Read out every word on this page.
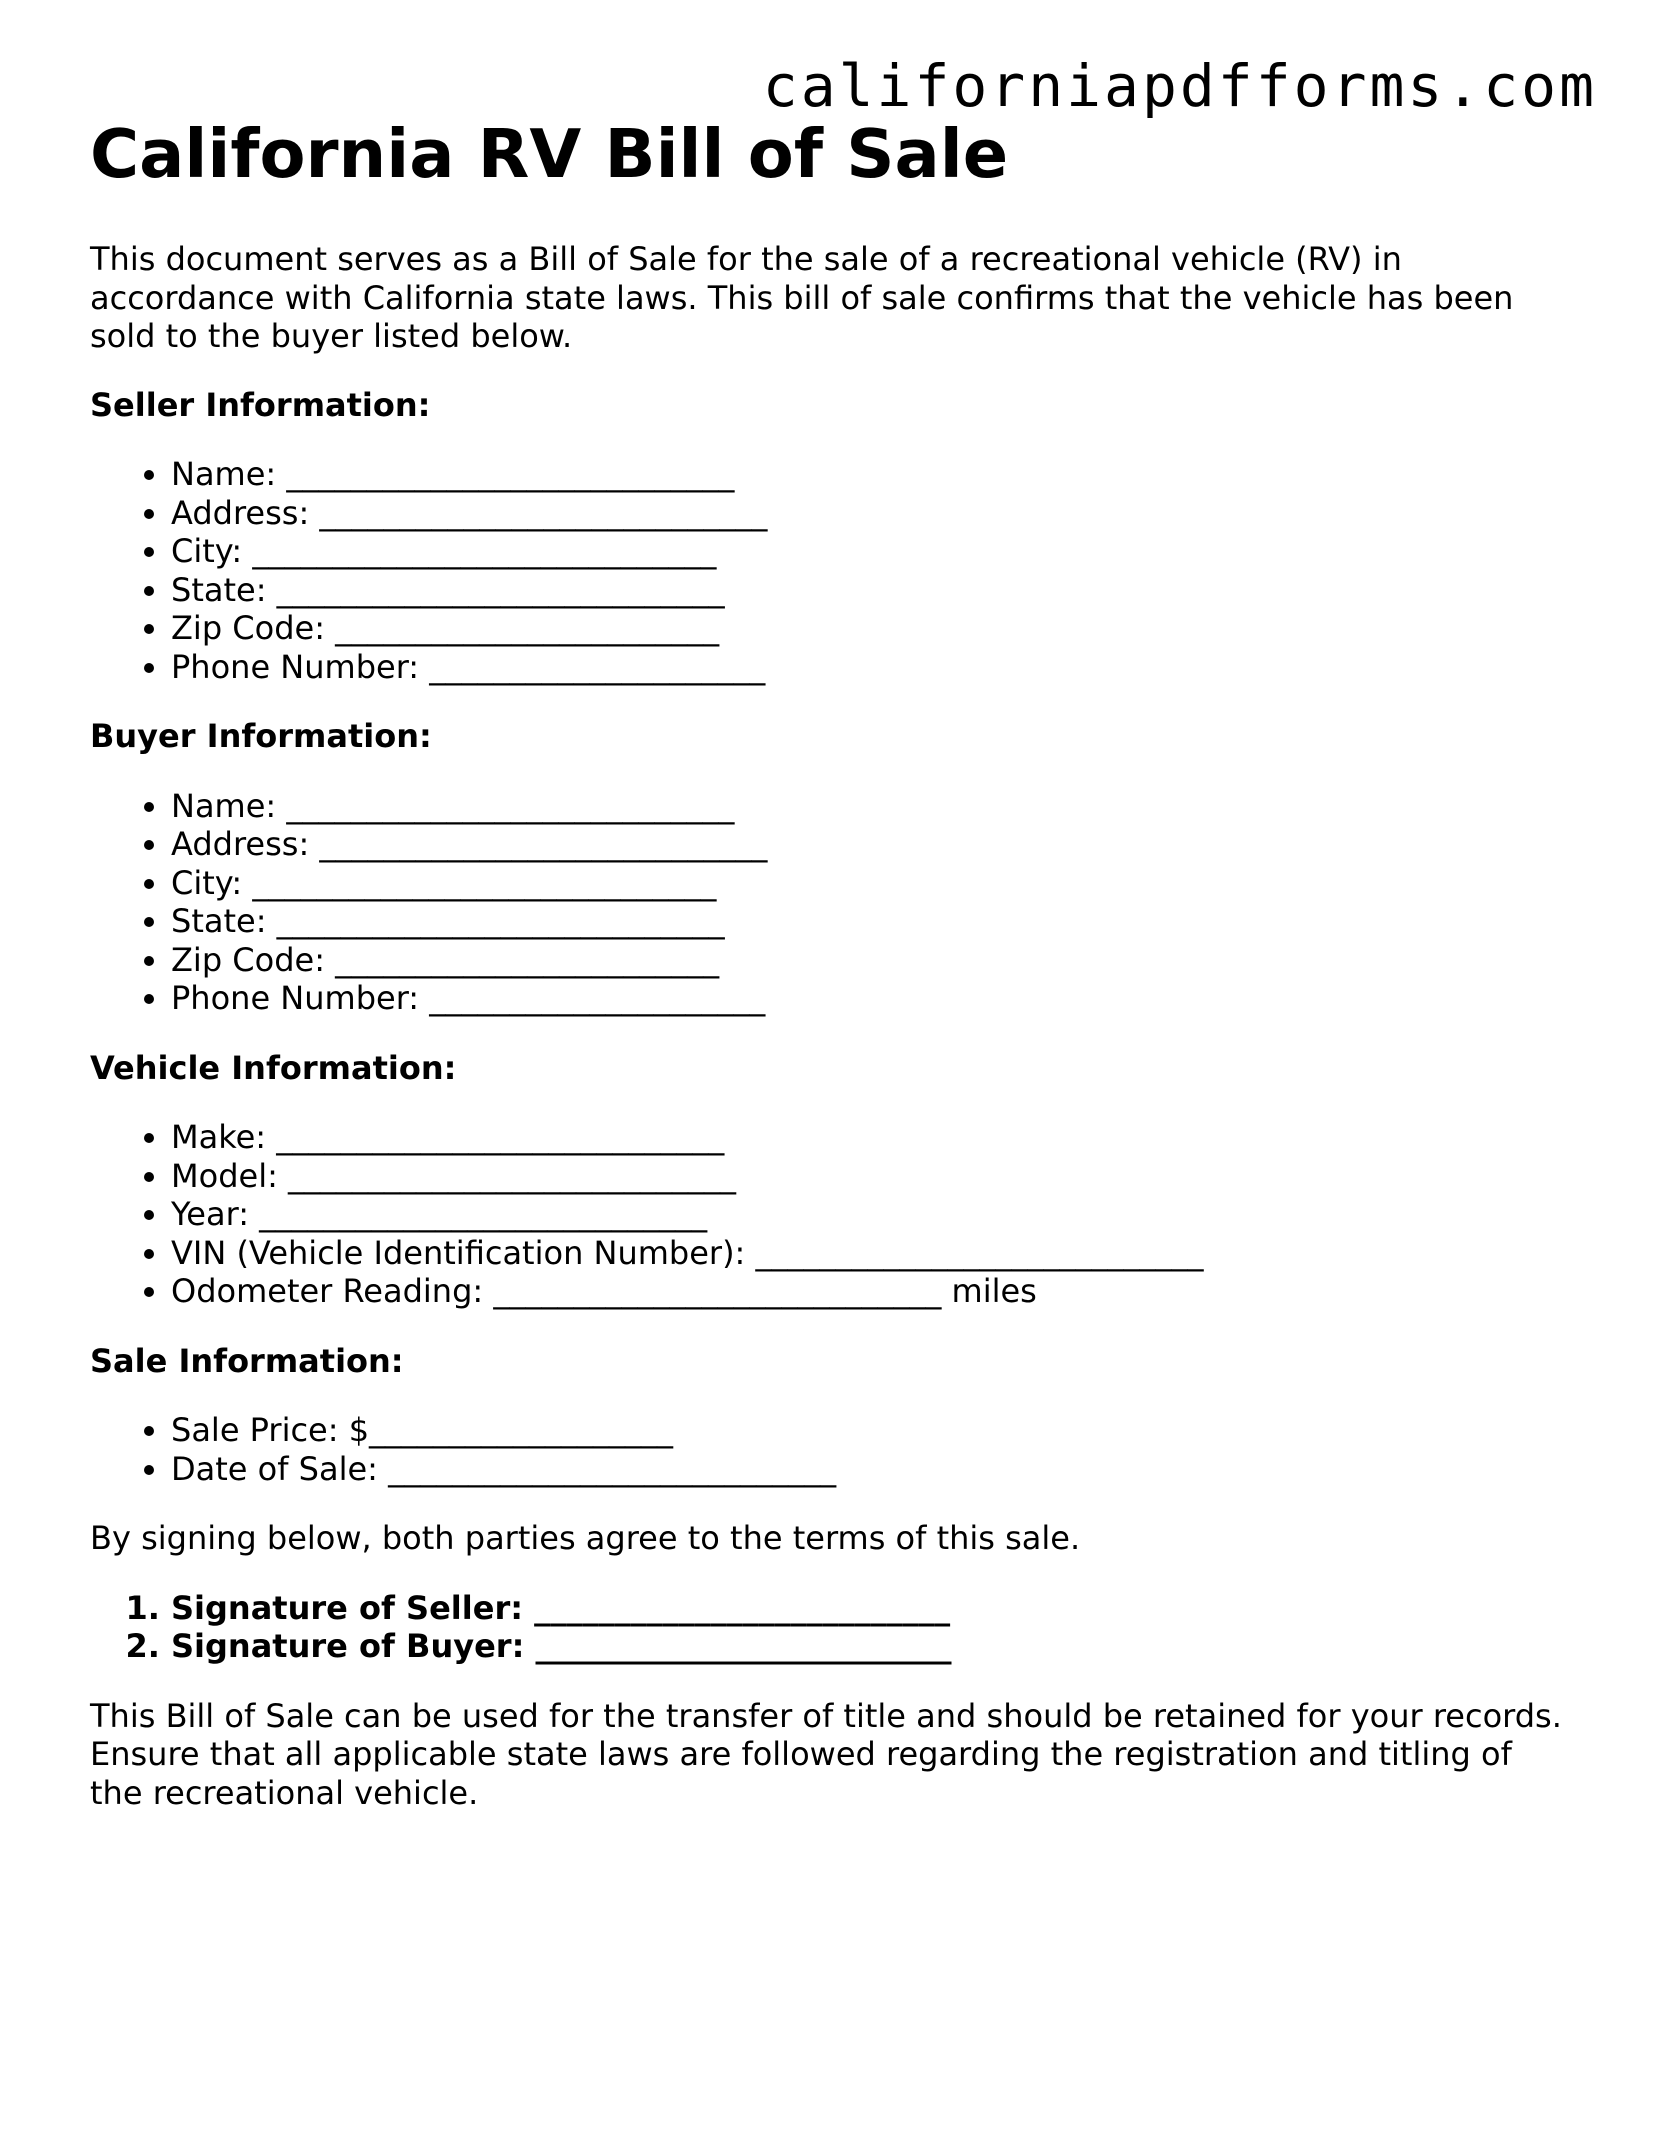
californiapdfforms.com
California RV Bill of Sale

This document serves as a Bill of Sale for the sale of a recreational vehicle (RV) in accordance with California state laws. This bill of sale confirms that the vehicle has been sold to the buyer listed below.

Seller Information:
• Name: ____________________________
• Address: ____________________________
• City: _____________________________
• State: ____________________________
• Zip Code: ________________________
• Phone Number: _____________________
Buyer Information:
• Name: ____________________________
• Address: ____________________________
• City: _____________________________
• State: ____________________________
• Zip Code: ________________________
• Phone Number: _____________________
Vehicle Information:
• Make: ____________________________
• Model: ____________________________
• Year: ____________________________
• VIN (Vehicle Identification Number): ____________________________
• Odometer Reading: ____________________________ miles
Sale Information:
• Sale Price: $___________________
• Date of Sale: ____________________________

By signing below, both parties agree to the terms of this sale.

1. Signature of Seller: __________________________
2. Signature of Buyer: __________________________

This Bill of Sale can be used for the transfer of title and should be retained for your records. Ensure that all applicable state laws are followed regarding the registration and titling of the recreational vehicle.
